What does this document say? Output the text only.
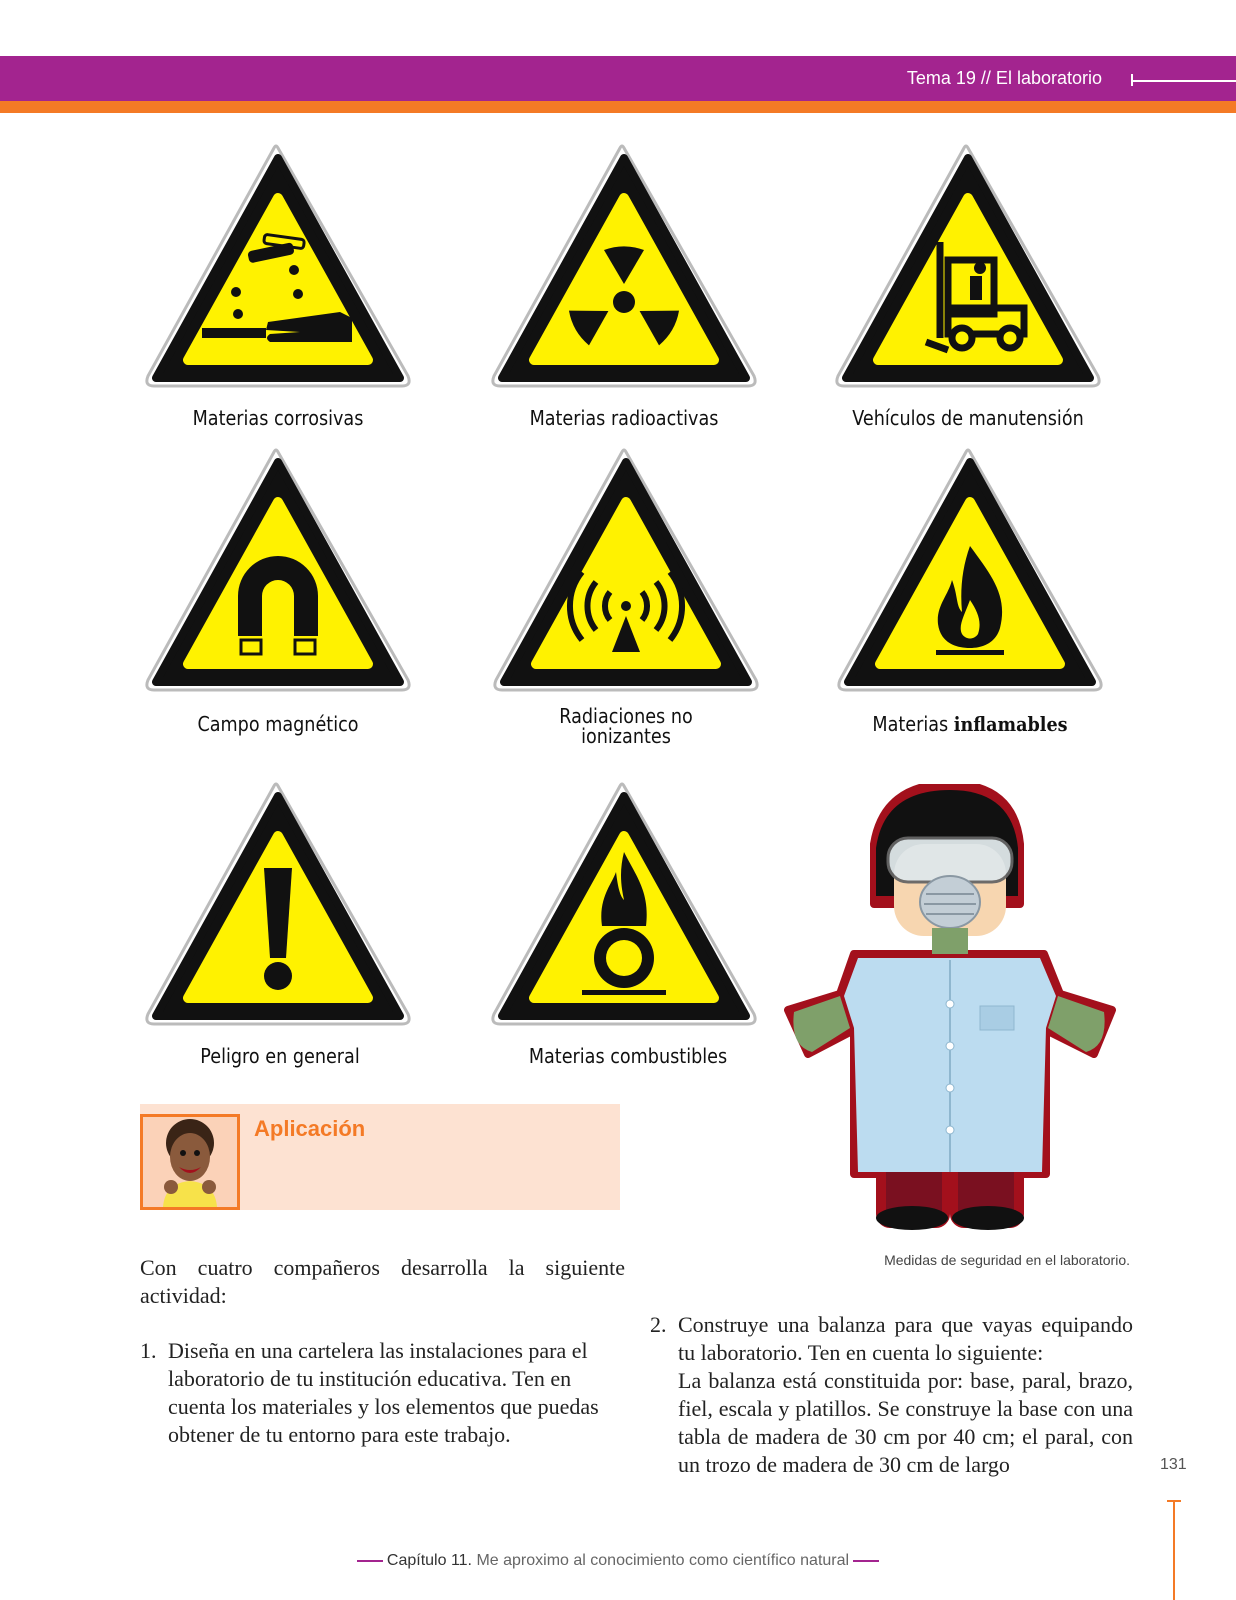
Tema 19 // El laboratorio
Materias corrosivas	Materias radioactivas	Vehículos de manutensión
Campo magnético	Radiaciones no
ionizantes	Materias inflamables
Peligro en general	Materias combustibles
Medidas de seguridad en el laboratorio.
Aplicación
Con cuatro compañeros desarrolla la siguiente actividad:
1. Diseña en una cartelera las instalaciones para el laboratorio de tu institución educativa. Ten en cuenta los materiales y los elementos que puedas obtener de tu entorno para este trabajo.
2. Construye una balanza para que vayas equipando tu laboratorio. Ten en cuenta lo siguiente:
La balanza está constituida por: base, paral, brazo, fiel, escala y platillos. Se construye la base con una tabla de madera de 30 cm por 40 cm; el paral, con un trozo de madera de 30 cm de largo	131
Capítulo 11. Me aproximo al conocimiento como científico natural
